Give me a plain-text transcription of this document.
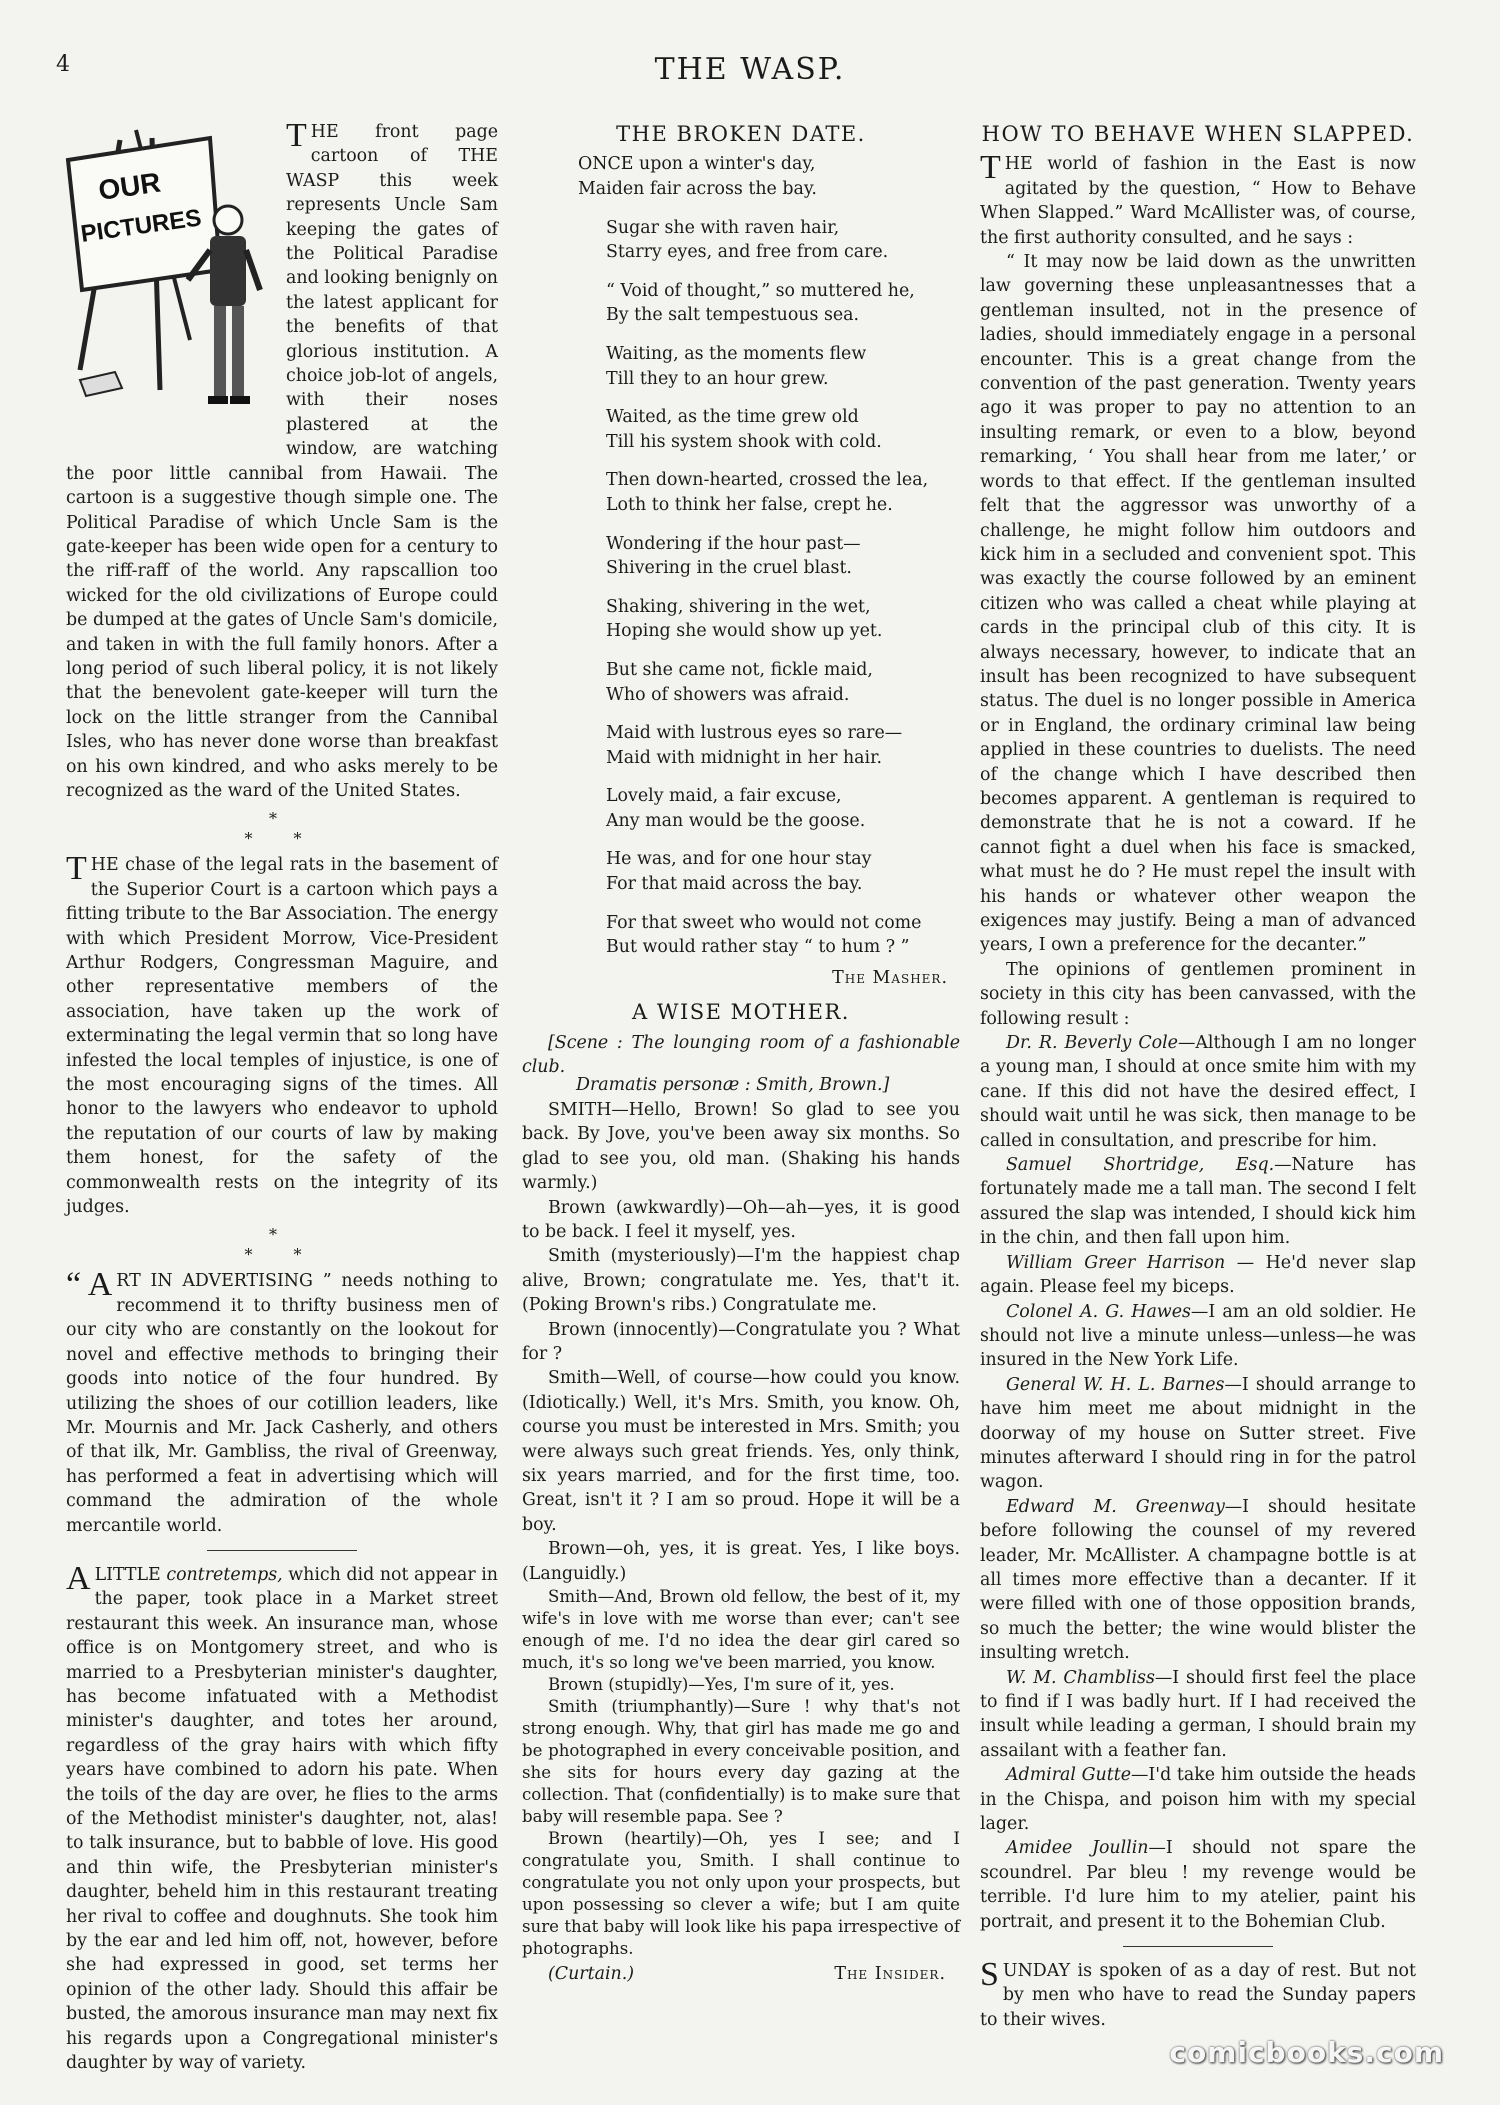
4	THE WASP.
OUR
PICTURES

THE front page cartoon of THE WASP this week represents Uncle Sam keeping the gates of the Political Paradise and looking benignly on the latest applicant for the benefits of that glorious institution. A choice job-lot of angels, with their noses plastered at the window, are watching the poor little cannibal from Hawaii. The cartoon is a suggestive though simple one. The Political Paradise of which Uncle Sam is the gate-keeper has been wide open for a century to the riff-raff of the world. Any rapscallion too wicked for the old civilizations of Europe could be dumped at the gates of Uncle Sam's domicile, and taken in with the full family honors. After a long period of such liberal policy, it is not likely that the benevolent gate-keeper will turn the lock on the little stranger from the Cannibal Isles, who has never done worse than breakfast on his own kindred, and who asks merely to be recognized as the ward of the United States.

*
* *

THE chase of the legal rats in the basement of the Superior Court is a cartoon which pays a fitting tribute to the Bar Association. The energy with which President Morrow, Vice-President Arthur Rodgers, Congressman Maguire, and other representative members of the association, have taken up the work of exterminating the legal vermin that so long have infested the local temples of injustice, is one of the most encouraging signs of the times. All honor to the lawyers who endeavor to uphold the reputation of our courts of law by making them honest, for the safety of the commonwealth rests on the integrity of its judges.

*
* *

“ A RT IN ADVERTISING ” needs nothing to recommend it to thrifty business men of our city who are constantly on the lookout for novel and effective methods to bringing their goods into notice of the four hundred. By utilizing the shoes of our cotillion leaders, like Mr. Mournis and Mr. Jack Casherly, and others of that ilk, Mr. Gambliss, the rival of Greenway, has performed a feat in advertising which will command the admiration of the whole mercantile world.

A LITTLE contretemps, which did not appear in the paper, took place in a Market street restaurant this week. An insurance man, whose office is on Montgomery street, and who is married to a Presbyterian minister's daughter, has become infatuated with a Methodist minister's daughter, and totes her around, regardless of the gray hairs with which fifty years have combined to adorn his pate. When the toils of the day are over, he flies to the arms of the Methodist minister's daughter, not, alas! to talk insurance, but to babble of love. His good and thin wife, the Presbyterian minister's daughter, beheld him in this restaurant treating her rival to coffee and doughnuts. She took him by the ear and led him off, not, however, before she had expressed in good, set terms her opinion of the other lady. Should this affair be busted, the amorous insurance man may next fix his regards upon a Congregational minister's daughter by way of variety.

THE BROKEN DATE.
ONCE upon a winter's day,
Maiden fair across the bay.
Sugar she with raven hair,
Starry eyes, and free from care.
“ Void of thought,” so muttered he,
By the salt tempestuous sea.
Waiting, as the moments flew
Till they to an hour grew.
Waited, as the time grew old
Till his system shook with cold.
Then down-hearted, crossed the lea,
Loth to think her false, crept he.
Wondering if the hour past—
Shivering in the cruel blast.
Shaking, shivering in the wet,
Hoping she would show up yet.
But she came not, fickle maid,
Who of showers was afraid.
Maid with lustrous eyes so rare—
Maid with midnight in her hair.
Lovely maid, a fair excuse,
Any man would be the goose.
He was, and for one hour stay
For that maid across the bay.
For that sweet who would not come
But would rather stay “ to hum ? ”
The Masher.
A WISE MOTHER.

[Scene : The lounging room of a fashionable club.

Dramatis personæ : Smith, Brown.]

SMITH—Hello, Brown! So glad to see you back. By Jove, you've been away six months. So glad to see you, old man. (Shaking his hands warmly.)

Brown (awkwardly)—Oh—ah—yes, it is good to be back. I feel it myself, yes.

Smith (mysteriously)—I'm the happiest chap alive, Brown; congratulate me. Yes, that't it. (Poking Brown's ribs.) Congratulate me.

Brown (innocently)—Congratulate you ? What for ?

Smith—Well, of course—how could you know. (Idiotically.) Well, it's Mrs. Smith, you know. Oh, course you must be interested in Mrs. Smith; you were always such great friends. Yes, only think, six years married, and for the first time, too. Great, isn't it ? I am so proud. Hope it will be a boy.

Brown—oh, yes, it is great. Yes, I like boys. (Languidly.)

Smith—And, Brown old fellow, the best of it, my wife's in love with me worse than ever; can't see enough of me. I'd no idea the dear girl cared so much, it's so long we've been married, you know.

Brown (stupidly)—Yes, I'm sure of it, yes.

Smith (triumphantly)—Sure ! why that's not strong enough. Why, that girl has made me go and be photographed in every conceivable position, and she sits for hours every day gazing at the collection. That (confidentially) is to make sure that baby will resemble papa. See ?

Brown (heartily)—Oh, yes I see; and I congratulate you, Smith. I shall continue to congratulate you not only upon your prospects, but upon possessing so clever a wife; but I am quite sure that baby will look like his papa irrespective of photographs.

(Curtain.)	The Insider.
HOW TO BEHAVE WHEN SLAPPED.

THE world of fashion in the East is now agitated by the question, “ How to Behave When Slapped.” Ward McAllister was, of course, the first authority consulted, and he says :

“ It may now be laid down as the unwritten law governing these unpleasantnesses that a gentleman insulted, not in the presence of ladies, should immediately engage in a personal encounter. This is a great change from the convention of the past generation. Twenty years ago it was proper to pay no attention to an insulting remark, or even to a blow, beyond remarking, ‘ You shall hear from me later,’ or words to that effect. If the gentleman insulted felt that the aggressor was unworthy of a challenge, he might follow him outdoors and kick him in a secluded and convenient spot. This was exactly the course followed by an eminent citizen who was called a cheat while playing at cards in the principal club of this city. It is always necessary, however, to indicate that an insult has been recognized to have subsequent status. The duel is no longer possible in America or in England, the ordinary criminal law being applied in these countries to duelists. The need of the change which I have described then becomes apparent. A gentleman is required to demonstrate that he is not a coward. If he cannot fight a duel when his face is smacked, what must he do ? He must repel the insult with his hands or whatever other weapon the exigences may justify. Being a man of advanced years, I own a preference for the decanter.”

The opinions of gentlemen prominent in society in this city has been canvassed, with the following result :

Dr. R. Beverly Cole—Although I am no longer a young man, I should at once smite him with my cane. If this did not have the desired effect, I should wait until he was sick, then manage to be called in consultation, and prescribe for him.

Samuel Shortridge, Esq.—Nature has fortunately made me a tall man. The second I felt assured the slap was intended, I should kick him in the chin, and then fall upon him.

William Greer Harrison — He'd never slap again. Please feel my biceps.

Colonel A. G. Hawes—I am an old soldier. He should not live a minute unless—unless—he was insured in the New York Life.

General W. H. L. Barnes—I should arrange to have him meet me about midnight in the doorway of my house on Sutter street. Five minutes afterward I should ring in for the patrol wagon.

Edward M. Greenway—I should hesitate before following the counsel of my revered leader, Mr. McAllister. A champagne bottle is at all times more effective than a decanter. If it were filled with one of those opposition brands, so much the better; the wine would blister the insulting wretch.

W. M. Chambliss—I should first feel the place to find if I was badly hurt. If I had received the insult while leading a german, I should brain my assailant with a feather fan.

Admiral Gutte—I'd take him outside the heads in the Chispa, and poison him with my special lager.

Amidee Joullin—I should not spare the scoundrel. Par bleu ! my revenge would be terrible. I'd lure him to my atelier, paint his portrait, and present it to the Bohemian Club.

SUNDAY is spoken of as a day of rest. But not by men who have to read the Sunday papers to their wives.

comicbooks.com
